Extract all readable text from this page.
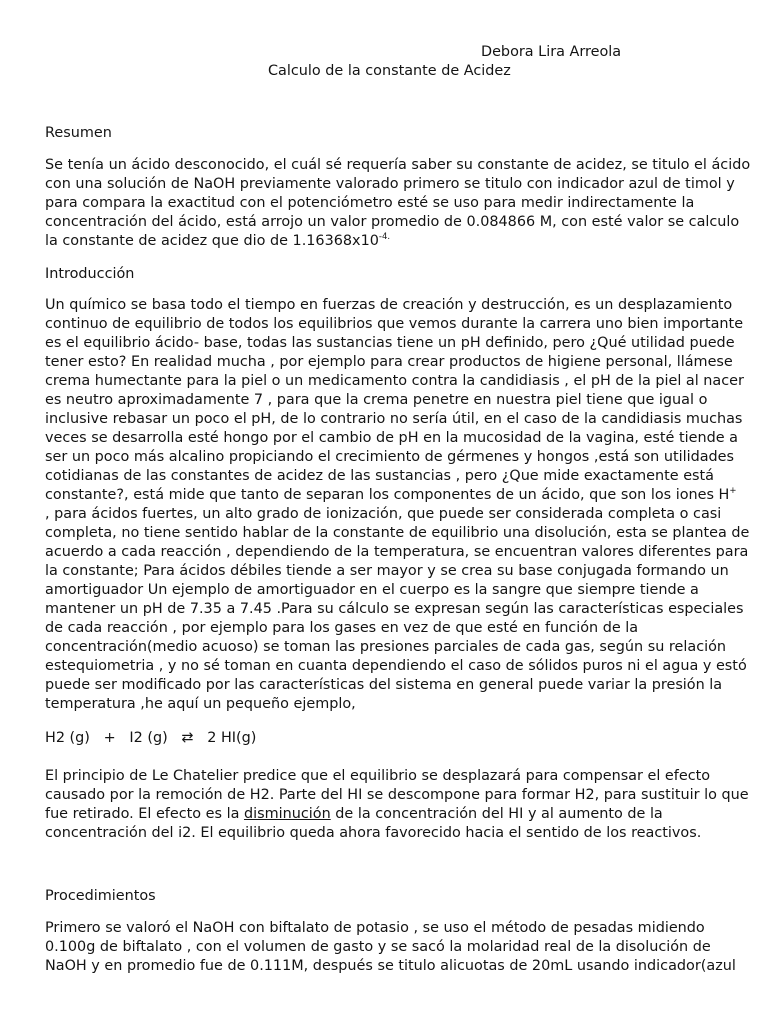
Debora Lira Arreola
Calculo de la constante de Acidez
Resumen
Se tenía un ácido desconocido, el cuál sé requería saber su constante de acidez, se titulo el ácido
con una solución de NaOH previamente valorado primero se titulo con indicador azul de timol y
para compara la exactitud con el potenciómetro esté se uso para medir indirectamente la
concentración del ácido, está arrojo un valor promedio de 0.084866 M, con esté valor se calculo
la constante de acidez que dio de $1.16368x10^{-4.}$
Introducción
Un químico se basa todo el tiempo en fuerzas de creación y destrucción, es un desplazamiento
continuo de equilibrio de todos los equilibrios que vemos durante la carrera uno bien importante
es el equilibrio ácido- base, todas las sustancias tiene un pH definido, pero ¿Qué utilidad puede
tener esto? En realidad mucha , por ejemplo para crear productos de higiene personal, llámese
crema humectante para la piel o un medicamento contra la candidiasis , el pH de la piel al nacer
es neutro aproximadamente 7 , para que la crema penetre en nuestra piel tiene que igual o
inclusive rebasar un poco el pH, de lo contrario no sería útil, en el caso de la candidiasis muchas
veces se desarrolla esté hongo por el cambio de pH en la mucosidad de la vagina, esté tiende a
ser un poco más alcalino propiciando el crecimiento de gérmenes y hongos ,está son utilidades
cotidianas de las constantes de acidez de las sustancias , pero ¿Que mide exactamente está
constante?, está mide que tanto de separan los componentes de un ácido, que son los iones H+
, para ácidos fuertes, un alto grado de ionización, que puede ser considerada completa o casi
completa, no tiene sentido hablar de la constante de equilibrio una disolución, esta se plantea de
acuerdo a cada reacción , dependiendo de la temperatura, se encuentran valores diferentes para
la constante; Para ácidos débiles tiende a ser mayor y se crea su base conjugada formando un
amortiguador Un ejemplo de amortiguador en el cuerpo es la sangre que siempre tiende a
mantener un pH de 7.35 a 7.45 .Para su cálculo se expresan según las características especiales
de cada reacción , por ejemplo para los gases en vez de que esté en función de la
concentración(medio acuoso) se toman las presiones parciales de cada gas, según su relación
estequiometria , y no sé toman en cuanta dependiendo el caso de sólidos puros ni el agua y estó
puede ser modificado por las características del sistema en general puede variar la presión la
temperatura ,he aquí un pequeño ejemplo,
H2 (g)   +   I2 (g)   ⇄   2 HI(g)
El principio de Le Chatelier predice que el equilibrio se desplazará para compensar el efecto
causado por la remoción de H2. Parte del HI se descompone para formar H2, para sustituir lo que
fue retirado. El efecto es la disminución de la concentración del HI y al aumento de la
concentración del i2. El equilibrio queda ahora favorecido hacia el sentido de los reactivos.
Procedimientos
Primero se valoró el NaOH con biftalato de potasio , se uso el método de pesadas midiendo
0.100g de biftalato , con el volumen de gasto y se sacó la molaridad real de la disolución de
NaOH y en promedio fue de 0.111M, después se titulo alicuotas de 20mL usando indicador(azul
